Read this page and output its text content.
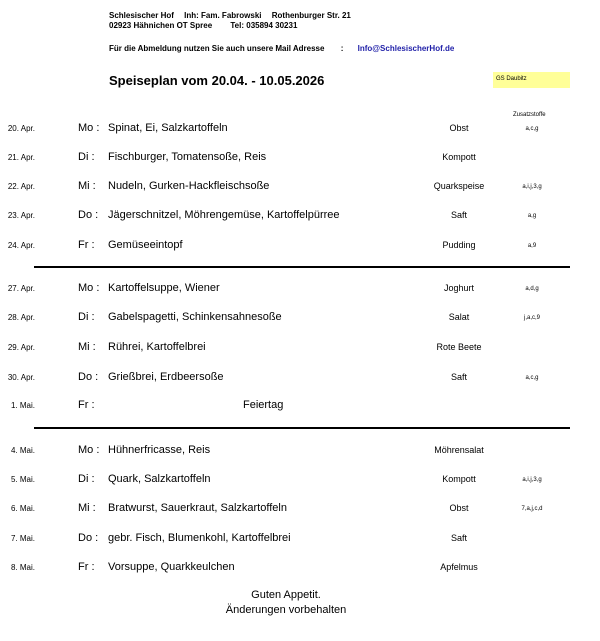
Schlesischer Hof Inh: Fam. Fabrowski Rothenburger Str. 21
02923 Hähnichen OT Spree Tel: 035894 30231
Für die Abmeldung nutzen Sie auch unsere Mail Adresse : Info@SchlesischerHof.de
Speiseplan vom 20.04. - 10.05.2026	GS Daubitz
Zusatzstoffe
20. Apr.	Mo : Spinat, Ei, Salzkartoffeln	Obst	a,c,g
21. Apr.	Di : Fischburger, Tomatensoße, Reis	Kompott
22. Apr.	Mi : Nudeln, Gurken-Hackfleischsoße	Quarkspeise	a,i,j,3,g
23. Apr.	Do : Jägerschnitzel, Möhrengemüse, Kartoffelpürree	Saft	a,g
24. Apr.	Fr : Gemüseeintopf	Pudding	a,9
27. Apr.	Mo : Kartoffelsuppe, Wiener	Joghurt	a,d,g
28. Apr.	Di : Gabelspagetti, Schinkensahnesoße	Salat	j,a,c,9
29. Apr.	Mi : Rührei, Kartoffelbrei	Rote Beete
30. Apr.	Do : Grießbrei, Erdbeersoße	Saft	a,c,g
1. Mai.	Fr :	Feiertag
4. Mai.	Mo : Hühnerfricasse, Reis	Möhrensalat
5. Mai.	Di : Quark, Salzkartoffeln	Kompott	a,i,j,3,g
6. Mai.	Mi : Bratwurst, Sauerkraut, Salzkartoffeln	Obst	7,a,j,c,d
7. Mai.	Do : gebr. Fisch, Blumenkohl, Kartoffelbrei	Saft
8. Mai.	Fr : Vorsuppe, Quarkkeulchen	Apfelmus
Guten Appetit.
Änderungen vorbehalten
